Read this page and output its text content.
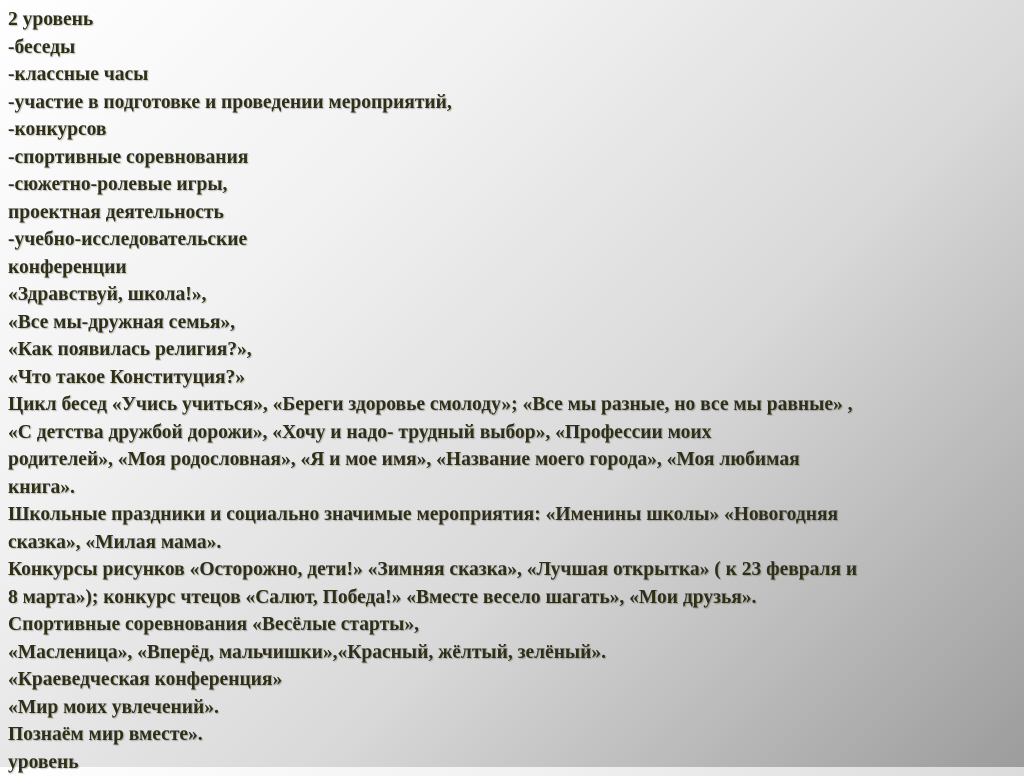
2 уровень
-беседы
-классные часы
-участие в подготовке и проведении мероприятий,
-конкурсов
-спортивные соревнования
-сюжетно-ролевые игры,
проектная деятельность
-учебно-исследовательские
конференции
«Здравствуй, школа!»,
«Все мы-дружная семья»,
«Как появилась религия?»,
«Что такое Конституция?»
Цикл бесед «Учись учиться», «Береги здоровье смолоду»; «Все мы разные, но все мы равные» ,
«С детства дружбой дорожи», «Хочу и надо- трудный выбор», «Профессии моих
родителей», «Моя родословная», «Я и мое имя», «Название моего города», «Моя любимая
книга».
Школьные праздники и социально значимые мероприятия: «Именины школы» «Новогодняя
сказка», «Милая мама».
Конкурсы рисунков «Осторожно, дети!» «Зимняя сказка», «Лучшая открытка» ( к 23 февраля и
8 марта»); конкурс чтецов «Салют, Победа!» «Вместе весело шагать», «Мои друзья».
Спортивные соревнования «Весёлые старты»,
«Масленица», «Вперёд, мальчишки»,«Красный, жёлтый, зелёный».
«Краеведческая конференция»
«Мир моих увлечений».
Познаём мир вместе».
уровень
